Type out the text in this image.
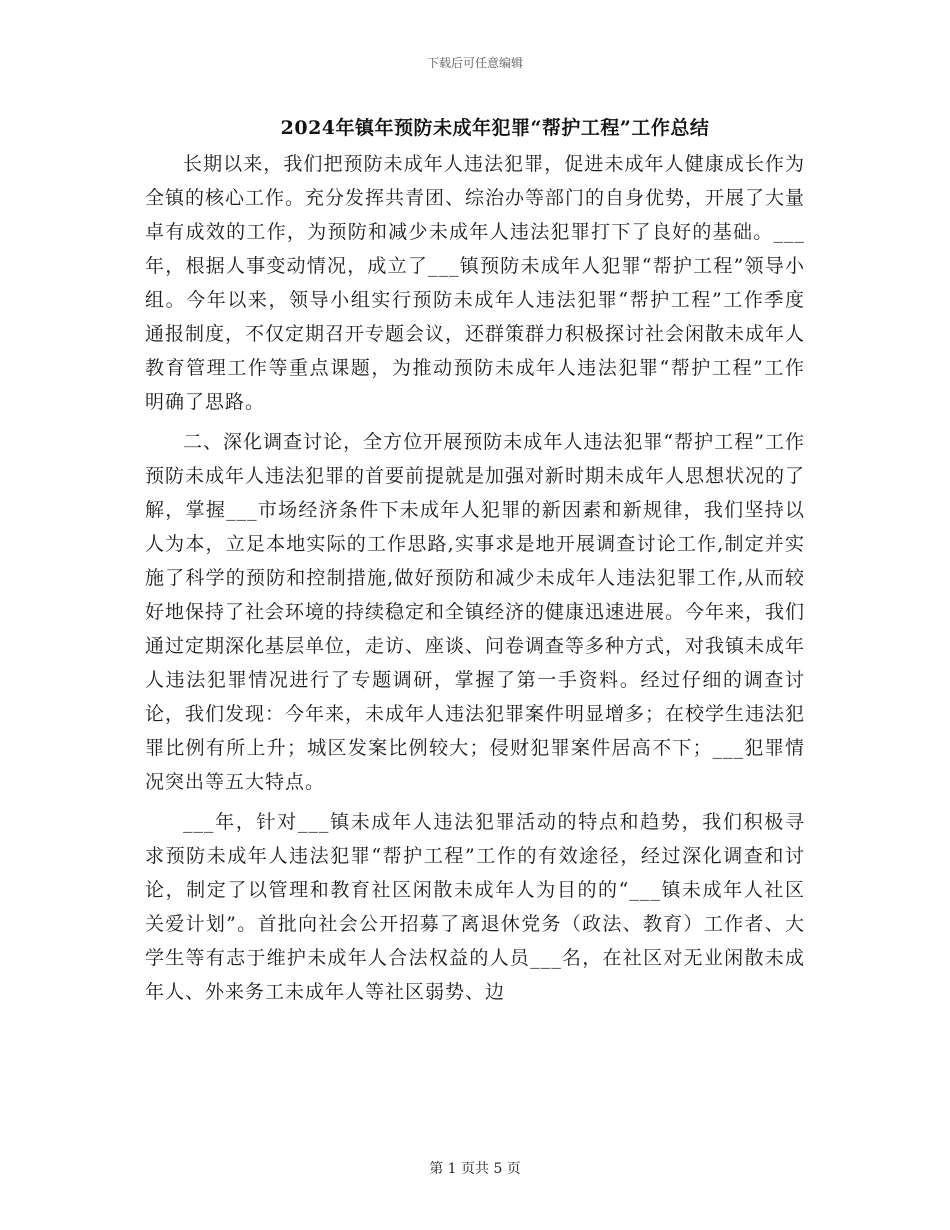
下载后可任意编辑
2024年镇年预防未成年犯罪“帮护工程”工作总结

长期以来，我们把预防未成年人违法犯罪，促进未成年人健康成长作为全镇的核心工作。充分发挥共青团、综治办等部门的自身优势，开展了大量卓有成效的工作，为预防和减少未成年人违法犯罪打下了良好的基础。___年，根据人事变动情况，成立了___镇预防未成年人犯罪“帮护工程”领导小组。今年以来，领导小组实行预防未成年人违法犯罪“帮护工程”工作季度通报制度，不仅定期召开专题会议，还群策群力积极探讨社会闲散未成年人教育管理工作等重点课题，为推动预防未成年人违法犯罪“帮护工程”工作明确了思路。

二、深化调查讨论，全方位开展预防未成年人违法犯罪“帮护工程”工作　预防未成年人违法犯罪的首要前提就是加强对新时期未成年人思想状况的了解，掌握___市场经济条件下未成年人犯罪的新因素和新规律，我们坚持以人为本，立足本地实际的工作思路,实事求是地开展调查讨论工作,制定并实施了科学的预防和控制措施,做好预防和减少未成年人违法犯罪工作,从而较好地保持了社会环境的持续稳定和全镇经济的健康迅速进展。今年来，我们通过定期深化基层单位，走访、座谈、问卷调查等多种方式，对我镇未成年人违法犯罪情况进行了专题调研，掌握了第一手资料。经过仔细的调查讨论，我们发现：今年来，未成年人违法犯罪案件明显增多；在校学生违法犯罪比例有所上升；城区发案比例较大；侵财犯罪案件居高不下；___犯罪情况突出等五大特点。

___年，针对___镇未成年人违法犯罪活动的特点和趋势，我们积极寻求预防未成年人违法犯罪“帮护工程”工作的有效途径，经过深化调查和讨论，制定了以管理和教育社区闲散未成年人为目的的“___镇未成年人社区关爱计划”。首批向社会公开招募了离退休党务（政法、教育）工作者、大学生等有志于维护未成年人合法权益的人员___名，在社区对无业闲散未成年人、外来务工未成年人等社区弱势、边

第 1 页共 5 页
